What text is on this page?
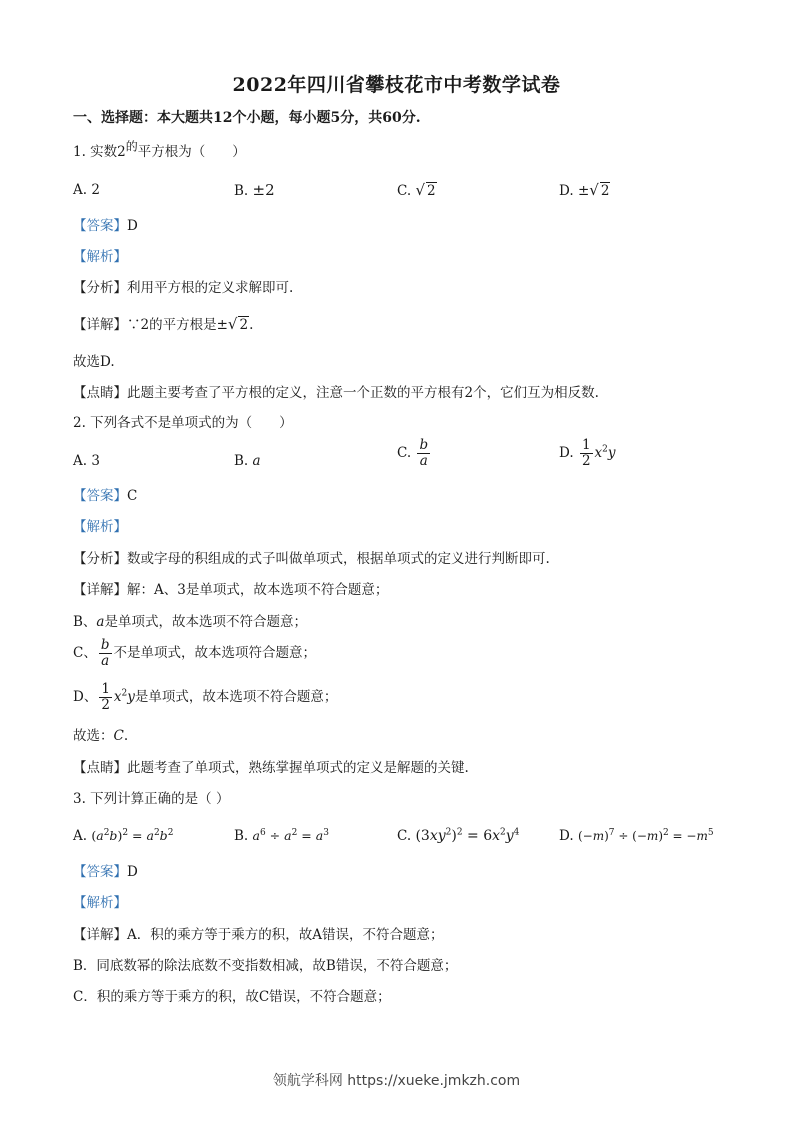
2022年四川省攀枝花市中考数学试卷
一、选择题：本大题共12个小题，每小题5分，共60分.
1. 实数$2^的$平方根为（　　）
A. 2	B. ±2	C. √ 2	D. ±√ 2
【答案】D
【解析】
【分析】利用平方根的定义求解即可.
【详解】∵2的平方根是±√ 2.
故选D.
【点睛】此题主要考查了平方根的定义，注意一个正数的平方根有2个，它们互为相反数.
2. 下列各式不是单项式的为（　　）
A. 3	B. a	C. $\frac{b}{a}$	D. $\frac{1}{2} x^2y$
【答案】C
【解析】
【分析】数或字母的积组成的式子叫做单项式，根据单项式的定义进行判断即可.
【详解】解：A、3是单项式，故本选项不符合题意；
B、a是单项式，故本选项不符合题意；
C、 $\frac{b}{a}$ 不是单项式，故本选项符合题意；
D、 $\frac{1}{2} x^2y$是单项式，故本选项不符合题意；
故选：C.
【点睛】此题考查了单项式，熟练掌握单项式的定义是解题的关键.
3. 下列计算正确的是（ ）
A. $(a^2b)^2 = a^2b^2$	B. $a^6 \div a^2 = a^3$	C. $(3xy^2)^2 = 6x^2y^4$	D. $(-m)^7 \div (-m)^2 = -m^5$
【答案】D
【解析】
【详解】A．积的乘方等于乘方的积，故A错误，不符合题意；
B．同底数幂的除法底数不变指数相减，故B错误，不符合题意；
C．积的乘方等于乘方的积，故C错误，不符合题意；
领航学科网 https://xueke.jmkzh.com
